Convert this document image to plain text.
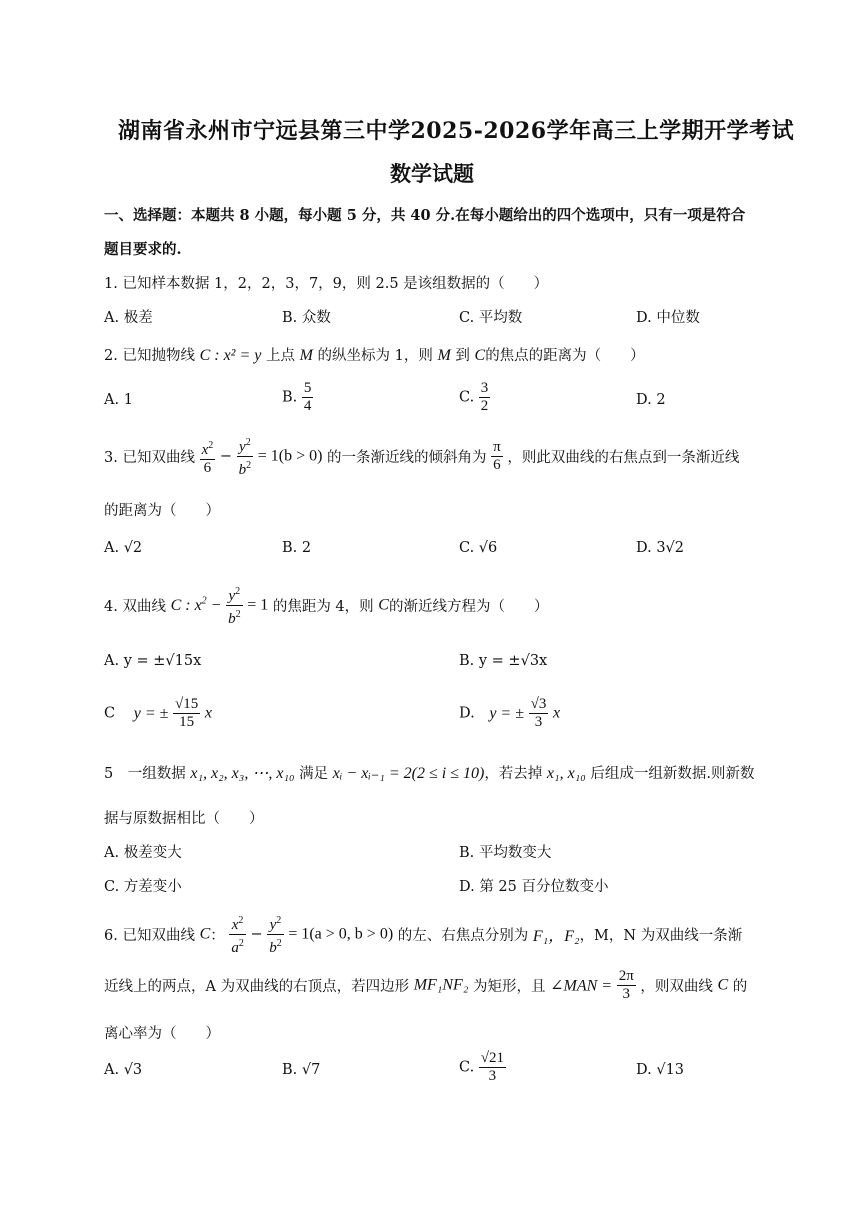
湖南省永州市宁远县第三中学2025-2026学年高三上学期开学考试
数学试题
一、选择题：本题共 8 小题，每小题 5 分，共 40 分.在每小题给出的四个选项中，只有一项是符合
题目要求的.
1. 已知样本数据 1，2，2，3，7，9，则 2.5 是该组数据的（　　）
A. 极差	B. 众数	C. 平均数	D. 中位数
2. 已知抛物线 C : x² = y 上点 M 的纵坐标为 1，则 M 到 C的焦点的距离为（　　）
A. 1	B. $\frac{5}{4}$	C. $\frac{3}{2}$	D. 2
3. 已知双曲线 $\frac{x^2}{6} - \frac{y^2}{b^2} = 1(b > 0)$ 的一条渐近线的倾斜角为 $\frac{\pi}{6}$ ，则此双曲线的右焦点到一条渐近线
的距离为（　　）
A. √2	B. 2	C. √6	D. 3√2
4. 双曲线 C : $x^2 - \frac{y^2}{b^2} = 1$ 的焦距为 4，则 C的渐近线方程为（　　）
A. y = ±√15x	B. y = ±√3x
C y = ± $\frac{√15}{15}$ x	D. y = ± $\frac{√3}{3}$ x
5　一组数据 x₁, x₂, x₃, ⋯, x₁₀ 满足 xᵢ − xᵢ₋₁ = 2(2 ≤ i ≤ 10)，若去掉 x₁, x₁₀ 后组成一组新数据.则新数
据与原数据相比（　　）
A. 极差变大	B. 平均数变大
C. 方差变小	D. 第 25 百分位数变小
6. 已知双曲线 C： $\frac{x^2}{a^2} - \frac{y^2}{b^2} = 1(a > 0$, b > 0) 的左、右焦点分别为 F₁，F₂，M，N 为双曲线一条渐
近线上的两点，A 为双曲线的右顶点，若四边形 MF₁NF₂ 为矩形，且 ∠MAN = $\frac{2\pi}{3}$ ，则双曲线 C 的
离心率为（　　）
A. √3	B. √7	C. $\frac{√21}{3}$	D. √13
